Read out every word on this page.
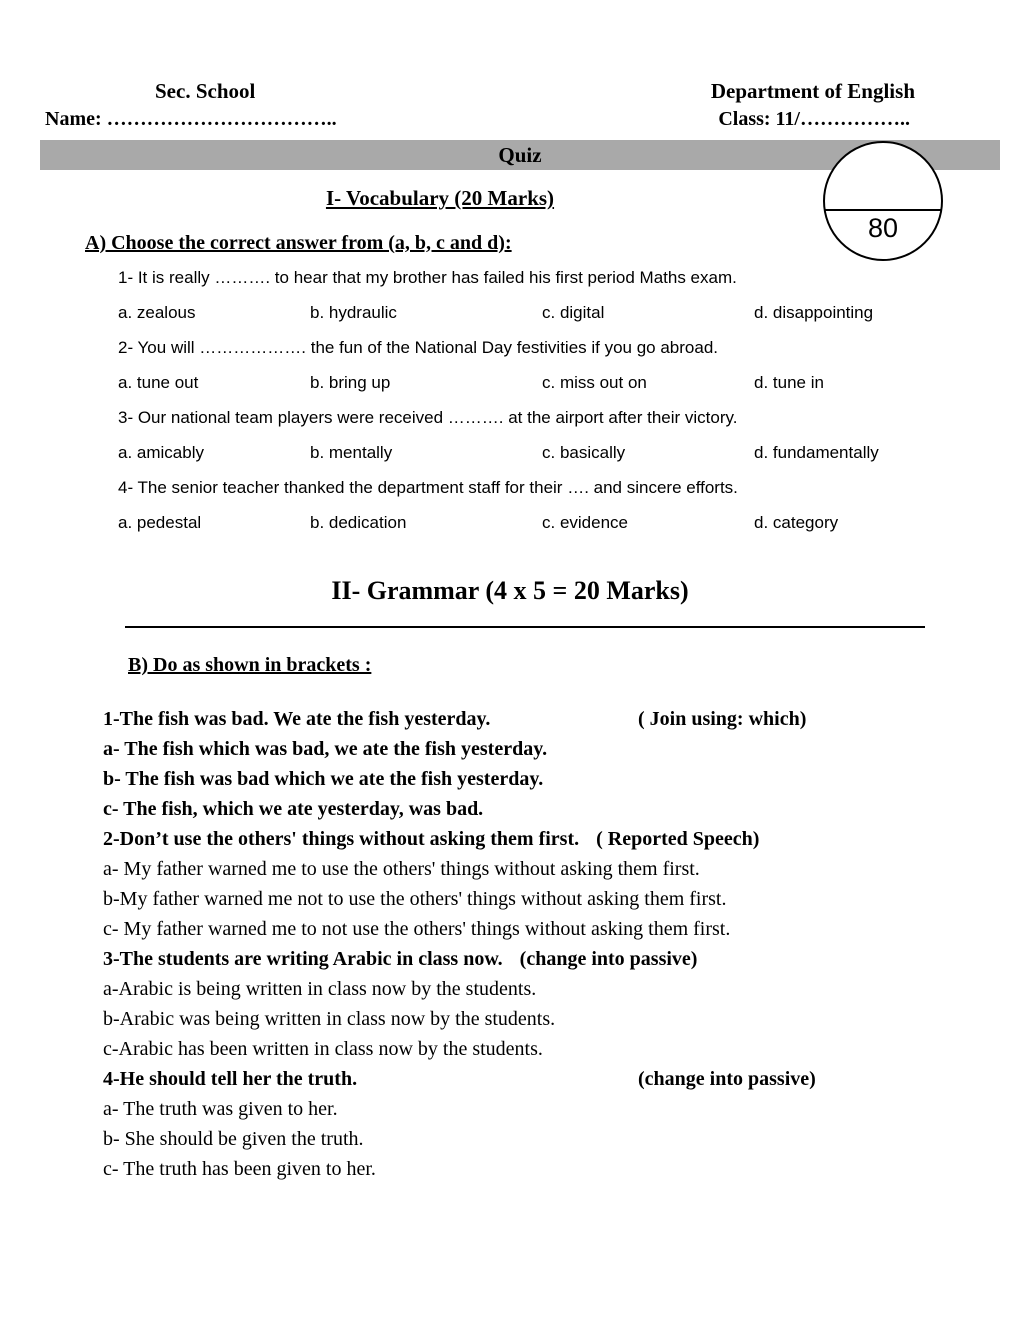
Sec. School	Department of English
Name: ……………………………..	Class: 11/……………..
Quiz
80
I- Vocabulary (20 Marks)
A) Choose the correct answer from (a, b, c and d):
1- It is really ………. to hear that my brother has failed his first period Maths exam.
a. zealous	b. hydraulic	c. digital	d. disappointing
2- You will ………………. the fun of the National Day festivities if you go abroad.
a. tune out	b. bring up	c. miss out on	d. tune in
3- Our national team players were received ………. at the airport after their victory.
a. amicably	b. mentally	c. basically	d. fundamentally
4- The senior teacher thanked the department staff for their …. and sincere efforts.
a. pedestal	b. dedication	c. evidence	d. category
II- Grammar (4 x 5 = 20 Marks)
B) Do as shown in brackets :
1-The fish was bad. We ate the fish yesterday.	( Join using: which)
a- The fish which was bad, we ate the fish yesterday.
b- The fish was bad which we ate the fish yesterday.
c- The fish, which we ate yesterday, was bad.
2-Don’t use the others' things without asking them first. ( Reported Speech)
a- My father warned me to use the others' things without asking them first.
b-My father warned me not to use the others' things without asking them first.
c- My father warned me to not use the others' things without asking them first.
3-The students are writing Arabic in class now. (change into passive)
a-Arabic is being written in class now by the students.
b-Arabic was being written in class now by the students.
c-Arabic has been written in class now by the students.
4-He should tell her the truth.	(change into passive)
a- The truth was given to her.
b- She should be given the truth.
c- The truth has been given to her.
